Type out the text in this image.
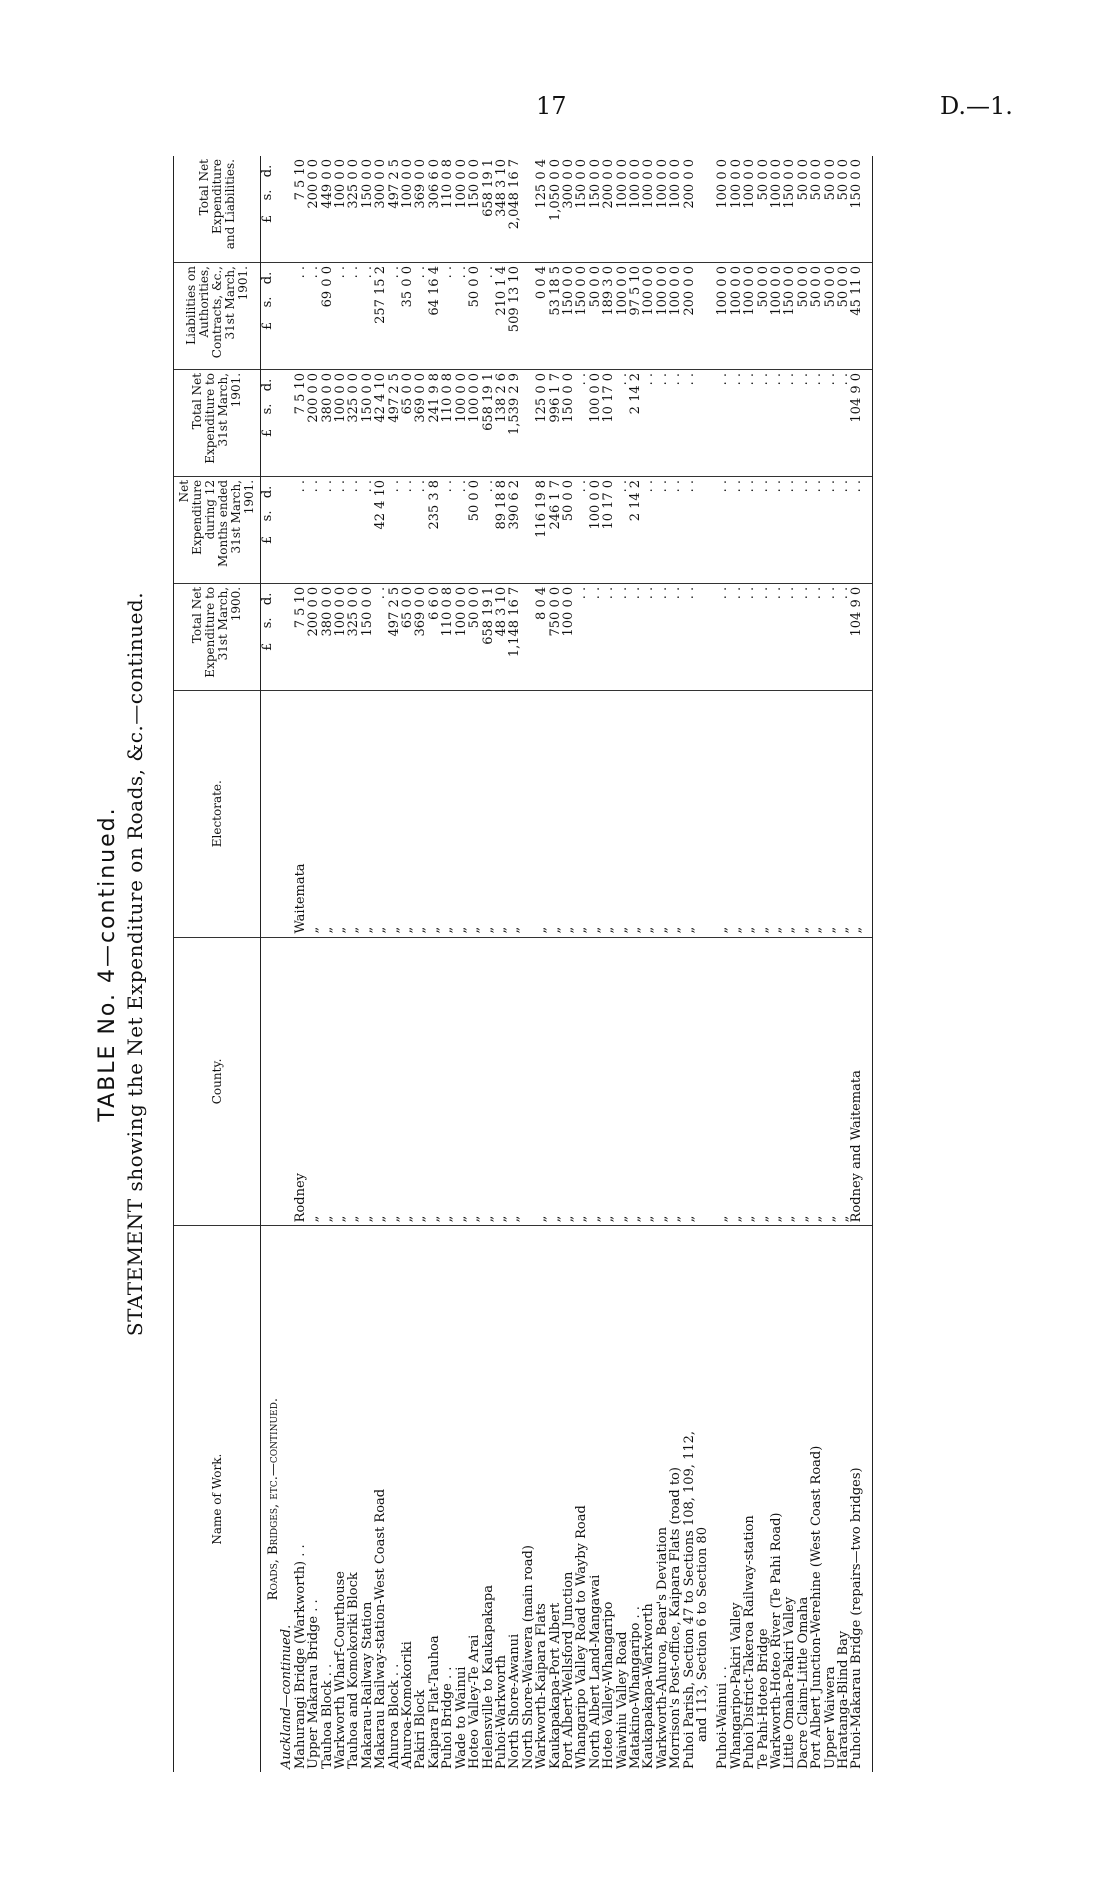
17	D.—1.
TABLE No. 4—continued. STATEMENT showing the Net Expenditure on Roads, &c.—continued.
Name of Work.	County.	Electorate.	Total Net Expenditure to 31st March, 1900.	Net Expenditure during 12 Months ended 31st March, 1901.	Total Net Expenditure to 31st March, 1901.	Liabilities on Authorities, Contracts, &c., 31st March, 1901.	Total Net Expenditure and Liabilities.
Roads, Bridges, etc.—continued.			£s.d.	£s.d.	£s.d.	£s.d.	£s.d.
Auckland—continued.							
Mahurangi Bridge (Warkworth) . .	Rodney	Waitemata	7 5 10	. .	7 5 10	. .	7 5 10
Upper Makarau Bridge . .	„	„	200 0 0	. .	200 0 0	. .	200 0 0
Tauhoa Block . .	„	„	380 0 0	. .	380 0 0	69 0 0	449 0 0
Warkworth Wharf-Courthouse	„	„	100 0 0	. .	100 0 0	. .	100 0 0
Tauhoa and Komokoriki Block	„	„	325 0 0	. .	325 0 0	. .	325 0 0
Makarau-Railway Station	„	„	150 0 0	. .	150 0 0	. .	150 0 0
Makarau Railway-station-West Coast Road	„	„	. .	42 4 10	42 4 10	257 15 2	300 0 0
Ahuroa Block . .	„	„	497 2 5	. .	497 2 5	. .	497 2 5
Ahuroa-Komokoriki	„	„	65 0 0	. .	65 0 0	35 0 0	100 0 0
Pakiri Block	„	„	369 0 0	. .	369 0 0	. .	369 0 0
Kaipara Flat-Tauhoa	„	„	6 6 0	235 3 8	241 9 8	64 16 4	306 6 0
Puhoi Bridge . .	„	„	110 0 8	. .	110 0 8	. .	110 0 8
Wade to Wainui	„	„	100 0 0	. .	100 0 0	. .	100 0 0
Hoteo Valley-Te Arai	„	„	50 0 0	50 0 0	100 0 0	50 0 0	150 0 0
Helensville to Kaukapakapa	„	„	658 19 1	. .	658 19 1	. .	658 19 1
Puhoi-Warkworth	„	„	48 3 10	89 18 8	138 2 6	210 1 4	348 3 10
North Shore-Awanui	„	„	1,148 16 7	390 6 2	1,539 2 9	509 13 10	2,048 16 7
North Shore-Waiwera (main road)							
Warkworth-Kaipara Flats	„	„	8 0 4	116 19 8	125 0 0	0 0 4	125 0 4
Kaukapakapa-Port Albert	„	„	750 0 0	246 1 7	996 1 7	53 18 5	1,050 0 0
Port Albert-Wellsford Junction	„	„	100 0 0	50 0 0	150 0 0	150 0 0	300 0 0
Whangaripo Valley Road to Wayby Road	„	„	. .	. .	. .	150 0 0	150 0 0
North Albert Land-Mangawai	„	„	. .	100 0 0	100 0 0	50 0 0	150 0 0
Hoteo Valley-Whangaripo	„	„	. .	10 17 0	10 17 0	189 3 0	200 0 0
Waiwhiu Valley Road	„	„	. .	. .	. .	100 0 0	100 0 0
Matakino-Whangaripo . .	„	„	. .	2 14 2	2 14 2	97 5 10	100 0 0
Kaukapakapa-Warkworth	„	„	. .	. .	. .	100 0 0	100 0 0
Warkworth-Ahuroa, Bear's Deviation	„	„	. .	. .	. .	100 0 0	100 0 0
Morrison's Post-office, Kaipara Flats (road to)	„	„	. .	. .	. .	100 0 0	100 0 0
Puhoi Parish, Section 47 to Sections 108, 109, 112,	„	„	. .	. .	. .	200 0 0	200 0 0
and 113, Section 6 to Section 80							
Puhoi-Wainui . .	„	„	. .	. .	. .	100 0 0	100 0 0
Whangaripo-Pakiri Valley	„	„	. .	. .	. .	100 0 0	100 0 0
Puhoi District-Takeroa Railway-station	„	„	. .	. .	. .	100 0 0	100 0 0
Te Pahi-Hoteo Bridge	„	„	. .	. .	. .	50 0 0	50 0 0
Warkworth-Hoteo River (Te Pahi Road)	„	„	. .	. .	. .	100 0 0	100 0 0
Little Omaha-Pakiri Valley	„	„	. .	. .	. .	150 0 0	150 0 0
Dacre Claim-Little Omaha	„	„	. .	. .	. .	50 0 0	50 0 0
Port Albert Junction-Werehine (West Coast Road)	„	„	. .	. .	. .	50 0 0	50 0 0
Upper Waiwera	„	„	. .	. .	. .	50 0 0	50 0 0
Haratanga-Blind Bay	„	„	. .	. .	. .	50 0 0	50 0 0
Puhoi-Makarau Bridge (repairs—two bridges)	Rodney and Waitemata	„	104 9 0	. .	104 9 0	45 11 0	150 0 0
